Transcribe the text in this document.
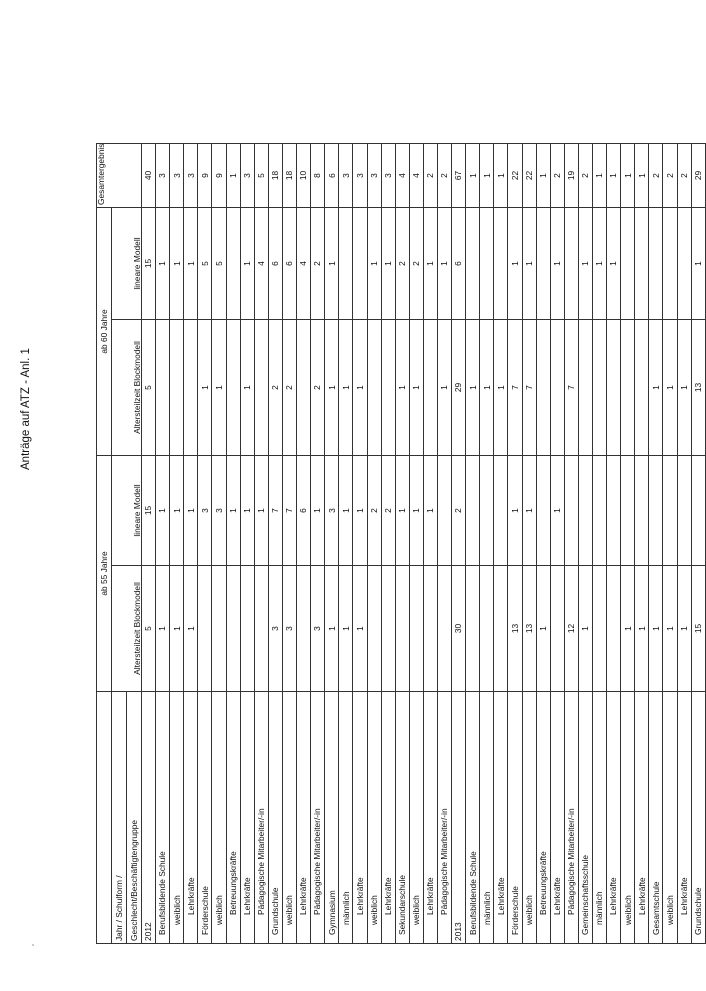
Anträge auf ATZ - Anl. 1
	ab 55 Jahre		ab 60 Jahre		Gesamtergebnis
Jahr / Schulform /	Altersteilzeit Blockmodell	lineare Modell	Altersteilzeit Blockmodell	lineare Modell	
Geschlecht/Beschäftigtengruppe					
2012	5	15	5	15	40
Berufsbildende Schule	1	1		1	3
weiblich	1	1		1	3
Lehrkräfte	1	1		1	3
Förderschule		3	1	5	9
weiblich		3	1	5	9
Betreuungskräfte		1			1
Lehrkräfte		1	1	1	3
Pädagogische Mitarbeiter/-in		1		4	5
Grundschule	3	7	2	6	18
weiblich	3	7	2	6	18
Lehrkräfte		6		4	10
Pädagogische Mitarbeiter/-in	3	1	2	2	8
Gymnasium	1	3	1	1	6
männlich	1	1	1		3
Lehrkräfte	1	1	1		3
weiblich		2		1	3
Lehrkräfte		2		1	3
Sekundarschule		1	1	2	4
weiblich		1	1	2	4
Lehrkräfte		1		1	2
Pädagogische Mitarbeiter/-in			1	1	2
2013	30	2	29	6	67
Berufsbildende Schule			1		1
männlich			1		1
Lehrkräfte			1		1
Förderschule	13	1	7	1	22
weiblich	13	1	7	1	22
Betreuungskräfte	1				1
Lehrkräfte		1		1	2
Pädagogische Mitarbeiter/-in	12		7		19
Gemeinschaftsschule	1			1	2
männlich				1	1
Lehrkräfte				1	1
weiblich	1				1
Lehrkräfte	1				1
Gesamtschule	1		1		2
weiblich	1		1		2
Lehrkräfte	1		1		2
Grundschule	15		13	1	29
